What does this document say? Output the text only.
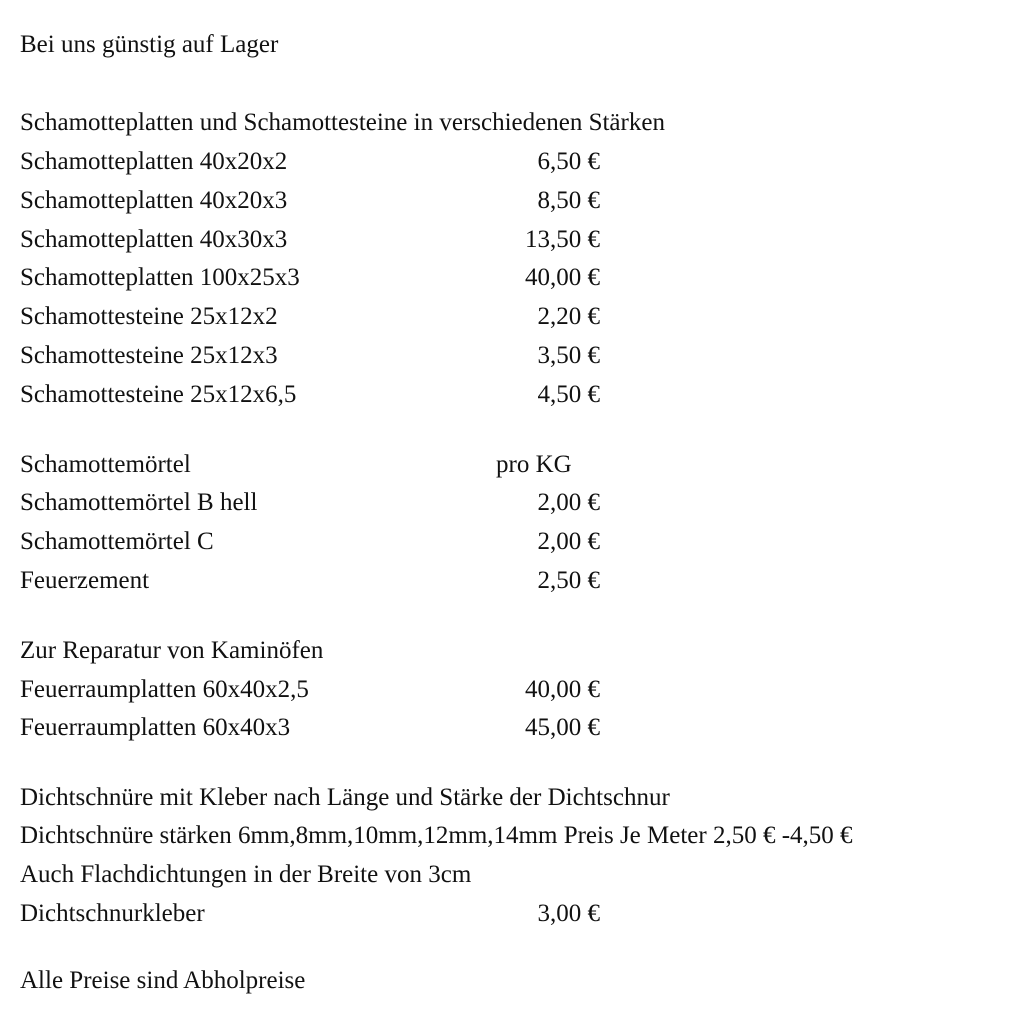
Bei uns günstig auf Lager
Schamotteplatten und Schamottesteine in verschiedenen Stärken
Schamotteplatten 40x20x2	6,50 €
Schamotteplatten 40x20x3	8,50 €
Schamotteplatten 40x30x3	13,50 €
Schamotteplatten 100x25x3	40,00 €
Schamottesteine 25x12x2	2,20 €
Schamottesteine 25x12x3	3,50 €
Schamottesteine 25x12x6,5	4,50 €
Schamottemörtel	pro KG
Schamottemörtel B hell	2,00 €
Schamottemörtel C	2,00 €
Feuerzement	2,50 €
Zur Reparatur von Kaminöfen
Feuerraumplatten 60x40x2,5	40,00 €
Feuerraumplatten 60x40x3	45,00 €
Dichtschnüre mit Kleber nach Länge und Stärke der Dichtschnur
Dichtschnüre stärken 6mm,8mm,10mm,12mm,14mm Preis Je Meter 2,50 € -4,50 €
Auch Flachdichtungen in der Breite von 3cm
Dichtschnurkleber	3,00 €
Alle Preise sind Abholpreise
